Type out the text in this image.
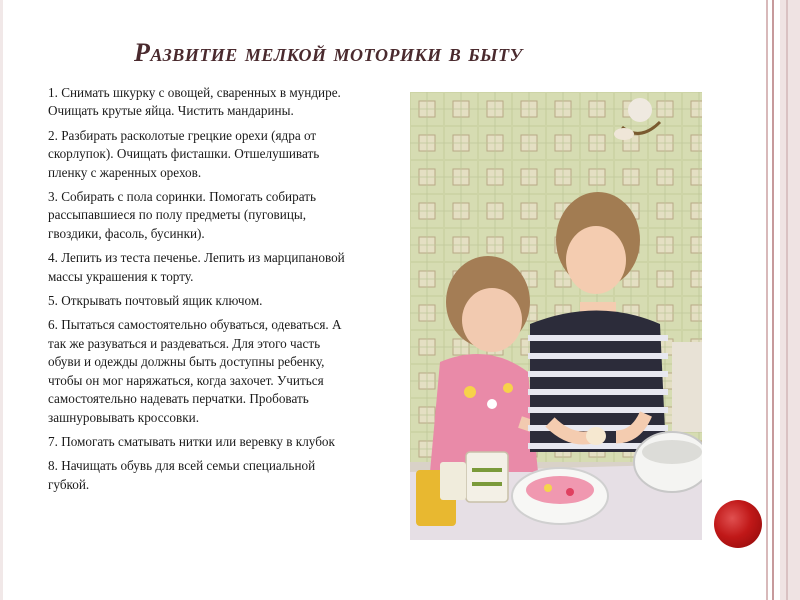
Развитие мелкой моторики в быту
1. Снимать шкурку с овощей, сваренных в мундире. Очищать крутые яйца. Чистить мандарины.
2. Разбирать расколотые грецкие орехи (ядра от скорлупок). Очищать фисташки. Отшелушивать пленку с жаренных орехов.
3. Собирать с пола соринки. Помогать собирать рассыпавшиеся по полу предметы (пуговицы, гвоздики, фасоль, бусинки).
4. Лепить из теста печенье. Лепить из марципановой массы украшения к торту.
5. Открывать почтовый ящик ключом.
6. Пытаться самостоятельно обуваться, одеваться. А так же разуваться и раздеваться. Для этого часть обуви и одежды должны быть доступны ребенку, чтобы он мог наряжаться, когда захочет. Учиться самостоятельно надевать перчатки. Пробовать зашнуровывать кроссовки.
7. Помогать сматывать нитки или веревку в клубок
8. Начищать обувь для всей семьи специальной губкой.
